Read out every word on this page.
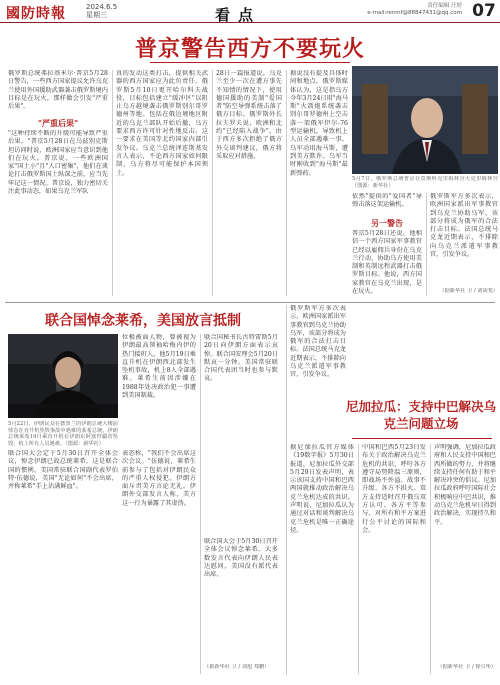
國防時報	2024.6.5
星期三	看点	责任编辑 汪婷
e-mail:renmf@88847431@qq.com 07
普京警告西方不要玩火
俄罗斯总统弗拉基米尔·普京5月28日警告，一些西方国家提议允许乌克兰使用外国援助武器袭击俄罗斯境内目标是在玩火，那样做会引发"严重后果"。
"严重后果"
"这种持续不断的升级可能导致严重后果，"普京5月28日在乌兹别克斯坦访问时说，欧洲国家应当意识到他们在玩火。普京说，一些欧洲国家"国土小"且"人口密集"，他们在谈论打击俄罗斯国土纵深之前，应当先牢记这一情况。普京说，独力密切关注此事动态，如果乌克兰军队
真的发动这类打击，提供相关武器的西方国家应为此负责任。俄罗斯5月10日更开哈尔科夫战役，目标包括建立"缓冲区"以阻止乌方越境袭击俄罗斯别尔哥罗德州等地。包括在俄边境地区附近的乌克兰部队开始后撤，乌方要求西方许可针对性地反击。这一要求在美国等北约国家内部引发争议。乌克兰总统泽连斯基发言人表示，不论西方国家如何限制，乌方将尽可能保护本国领土。
28日一篇报道说，乌克兰至少一次在遭方事先不知情的情况下，使用德国援助的美制"爱国者"防空导弹系统击落了俄方目标。俄罗斯外长拉夫罗夫说，欧洲和北约"已经陷入战争"。由于西方多次拒绝了俄方外交谈判建议，俄方将采取应对措施。
据说没有提及具体时间和地点，俄罗斯媒体认为，这是指乌方今年3月24日用"海马斯"火箭炮系统袭击别尔哥罗德州上空击落一架俄军伊尔-76型运输机，导致机上人员全部遇难一事。乌军动用海马斯，遭到美方默许。乌军当时刚收到"海马斯"最新弹药。
5月7日，俄罗斯总统普京在莫斯科克里姆林宫大克里姆林宫（图源：新华社）
依然"提供的"爱国者"导弹击落这架运输机。
另一警告
普京5月28日还说，他相信一个西方国家军事教官已经以雇佣兵身份在乌克兰行动，协助乌方使用美制和英制远程武器打击俄罗斯目标。他说，西方国家教官在乌克兰出现，是在玩火。
俄罗斯军方多次表示，欧洲国家派出军事教官到乌克兰协助乌军，该部分将成为俄军的合法打击目标。法国总统马克龙近期表示，不排除向乌克兰派遣军事教官，引发争议。
（据新华社 卫 / 刘胡斐）
联合国悼念莱希，美国放言抵制
5月22日，伊朗民众在德黑兰的伊朗总统大楼前悼念在直升机坠毁事故中遇难的莱希总统。伊朗总统莱希19日乘直升机在伊朗东阿塞拜疆省坠毁，机上所有人员遇难。（图源：新华社）
位极被面人物，曾被视为伊朗最高领袖哈梅内伊的热门接班人。他5月19日乘直升机在伊朗西北部发生坠机事故，机上8人全部遇难。莱希生前因涉嫌在1988年处决政治犯一事遭到美国制裁。
联合国大会定于5月30日召开全体会议，悼念伊朗已故总统莱希，这是联合国的惯例。美国常驻联合国副代表罗伯特·伍德说，美国"无论如何"不会出席，并称莱希"手上沾满鲜血"。
表态称，"我们不会出席这次会议。"伍德说，莱希生前参与了包括对伊朗民众的严重人权侵犯。伊朗方面斥责美方言论无礼。伊朗外交部发言人称，美方这一行为暴露了其虚伪。
联合国秘书长古特雷斯5月20日向伊朗方面表示哀悼。联合国安理会5月20日默哀一分钟。美国常驻联合国代表团当时也参与默哀。
联合国大会于5月30日召开全体会议悼念莱希。大多数发言代表向伊朗人民表达慰问。美国没有派代表出席。
（据新华社 卫 / 刘旭 郑鹏）
俄罗斯军方多次表示，欧洲国家派出军事教官到乌克兰协助乌军，该部分将成为俄军的合法打击目标。法国总统马克龙近期表示，不排除向乌克兰派遣军事教官，引发争议。
尼加拉瓜：支持中巴解决乌克兰问题立场
据尼加拉瓜官方媒体《19数字报》5月30日报道，尼加拉瓜外交部5月29日发表声明，表示该国支持中国和巴西两国就推动政治解决乌克兰危机达成的共识。声明说，尼加拉瓜认为通过对话和谈判解决乌克兰危机是唯一正确途径。
中国和巴西5月23日发布关于政治解决乌克兰危机的共识，呼吁各方遵守局势降温三原则，即战场不外溢、战事不升级、各方不拱火。双方支持适时召开俄乌双方认可、各方平等参与、对所有和平方案进行公平讨论的国际和会。
声明强调，尼加拉瓜政府和人民支持中国和巴西所做的努力，并将继续支持任何有助于和平解决冲突的倡议。尼加拉瓜政府呼吁国际社会积极响应中巴共识，推动乌克兰危机早日得到政治解决，实现持久和平。
（据新华社 卫 / 徐兴华）
